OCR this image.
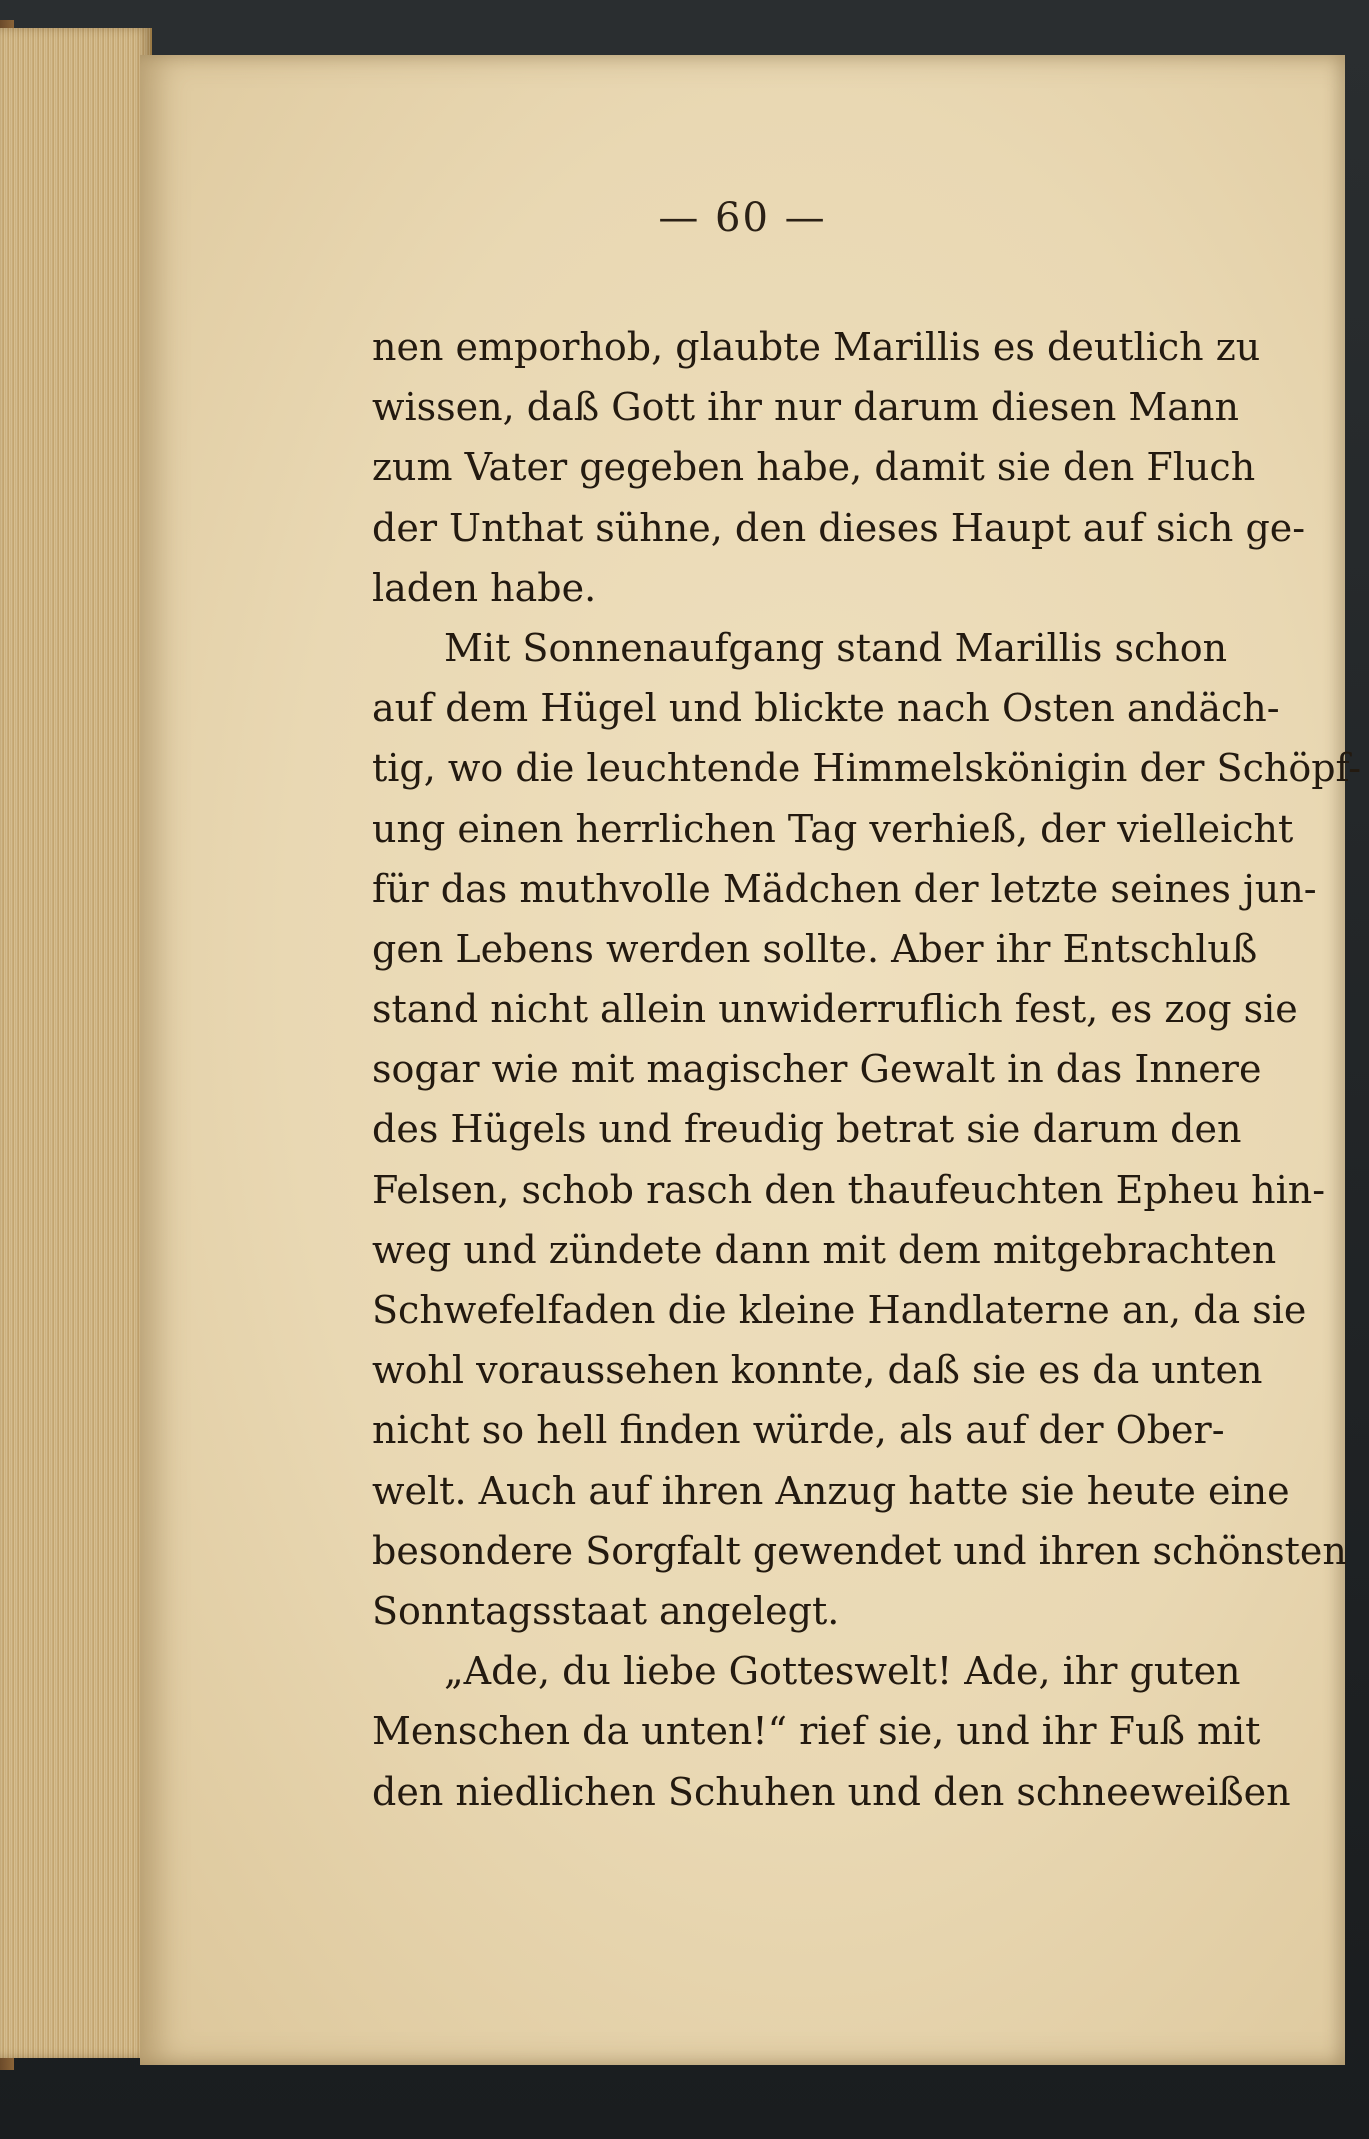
— 60 —
nen emporhob, glaubte Marillis es deutlich zu
wissen, daß Gott ihr nur darum diesen Mann
zum Vater gegeben habe, damit sie den Fluch
der Unthat sühne, den dieses Haupt auf sich ge-
laden habe.
Mit Sonnenaufgang stand Marillis schon
auf dem Hügel und blickte nach Osten andäch-
tig, wo die leuchtende Himmelskönigin der Schöpf-
ung einen herrlichen Tag verhieß, der vielleicht
für das muthvolle Mädchen der letzte seines jun-
gen Lebens werden sollte. Aber ihr Entschluß
stand nicht allein unwiderruflich fest, es zog sie
sogar wie mit magischer Gewalt in das Innere
des Hügels und freudig betrat sie darum den
Felsen, schob rasch den thaufeuchten Epheu hin-
weg und zündete dann mit dem mitgebrachten
Schwefelfaden die kleine Handlaterne an, da sie
wohl voraussehen konnte, daß sie es da unten
nicht so hell finden würde, als auf der Ober-
welt. Auch auf ihren Anzug hatte sie heute eine
besondere Sorgfalt gewendet und ihren schönsten
Sonntagsstaat angelegt.
„Ade, du liebe Gotteswelt! Ade, ihr guten
Menschen da unten!“ rief sie, und ihr Fuß mit
den niedlichen Schuhen und den schneeweißen
